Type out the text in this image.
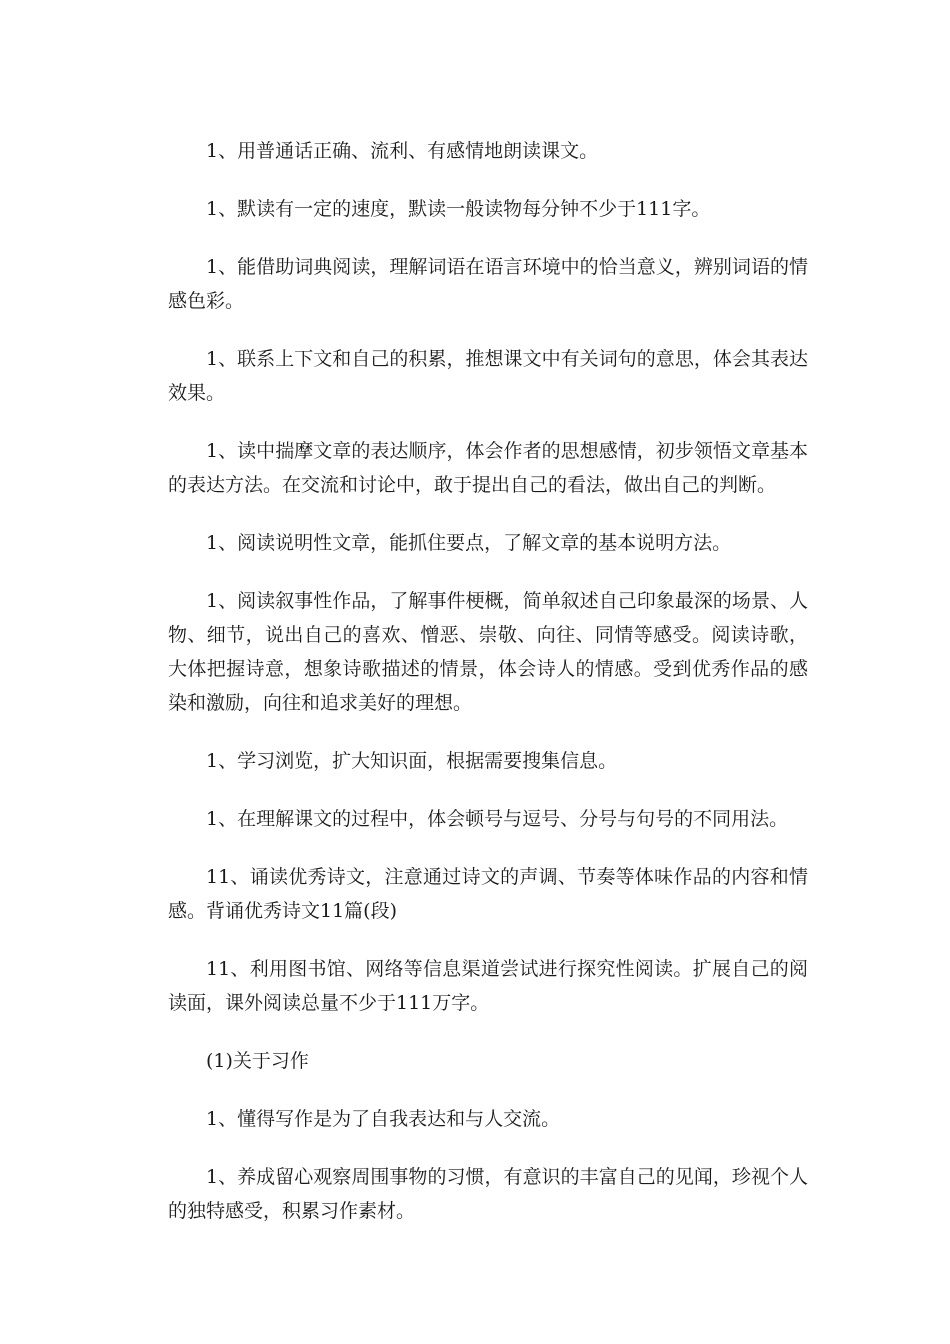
1、用普通话正确、流利、有感情地朗读课文。

1、默读有一定的速度，默读一般读物每分钟不少于111字。

1、能借助词典阅读，理解词语在语言环境中的恰当意义，辨别词语的情感色彩。

1、联系上下文和自己的积累，推想课文中有关词句的意思，体会其表达效果。

1、读中揣摩文章的表达顺序，体会作者的思想感情，初步领悟文章基本的表达方法。在交流和讨论中，敢于提出自己的看法，做出自己的判断。

1、阅读说明性文章，能抓住要点，了解文章的基本说明方法。

1、阅读叙事性作品，了解事件梗概，简单叙述自己印象最深的场景、人物、细节，说出自己的喜欢、憎恶、崇敬、向往、同情等感受。阅读诗歌，大体把握诗意，想象诗歌描述的情景，体会诗人的情感。受到优秀作品的感染和激励，向往和追求美好的理想。

1、学习浏览，扩大知识面，根据需要搜集信息。

1、在理解课文的过程中，体会顿号与逗号、分号与句号的不同用法。

11、诵读优秀诗文，注意通过诗文的声调、节奏等体味作品的内容和情感。背诵优秀诗文11篇(段)

11、利用图书馆、网络等信息渠道尝试进行探究性阅读。扩展自己的阅读面，课外阅读总量不少于111万字。

(1)关于习作

1、懂得写作是为了自我表达和与人交流。

1、养成留心观察周围事物的习惯，有意识的丰富自己的见闻，珍视个人的独特感受，积累习作素材。
